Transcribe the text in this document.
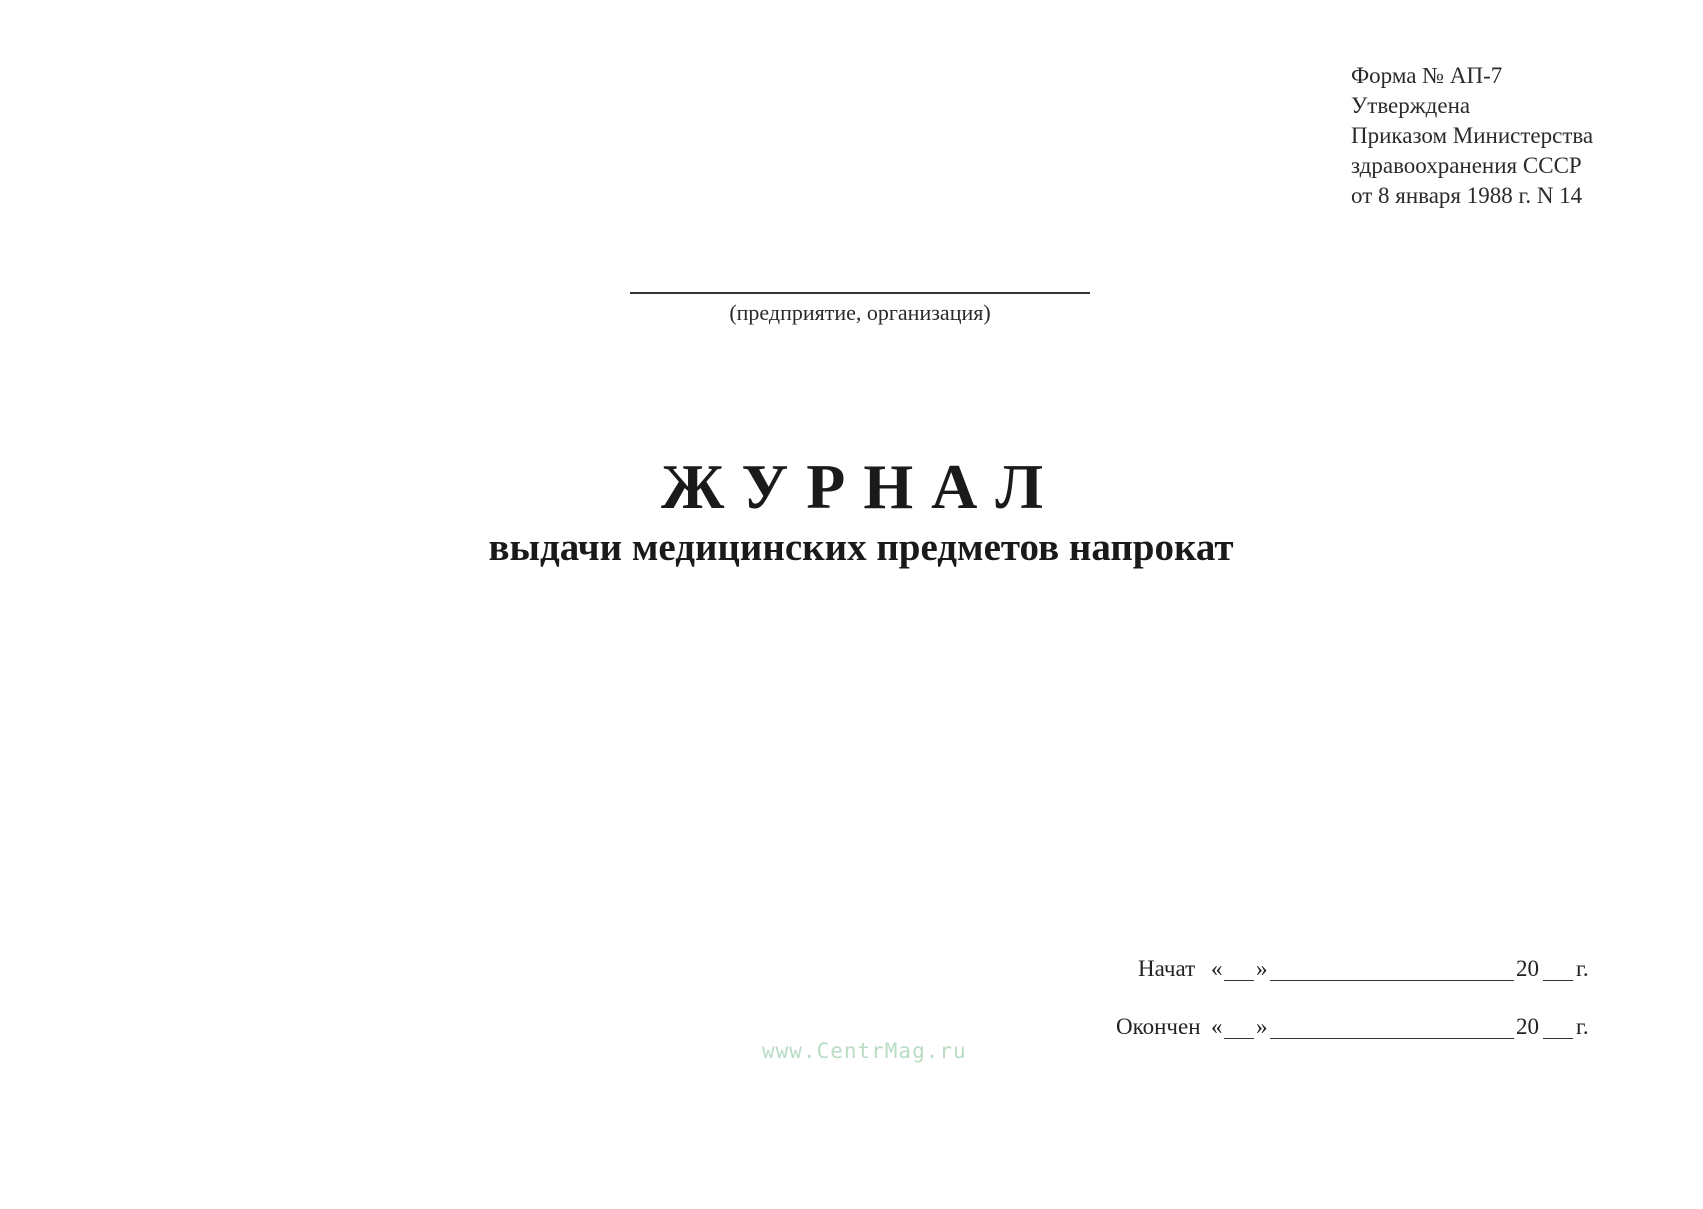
Форма № АП-7
Утверждена
Приказом Министерства
здравоохранения СССР
от 8 января 1988 г. N 14
(предприятие, организация)
ЖУРНАЛ
выдачи медицинских предметов напрокат
Начат « »	20 г.
Окончен « »	20 г.
www.CentrMag.ru
